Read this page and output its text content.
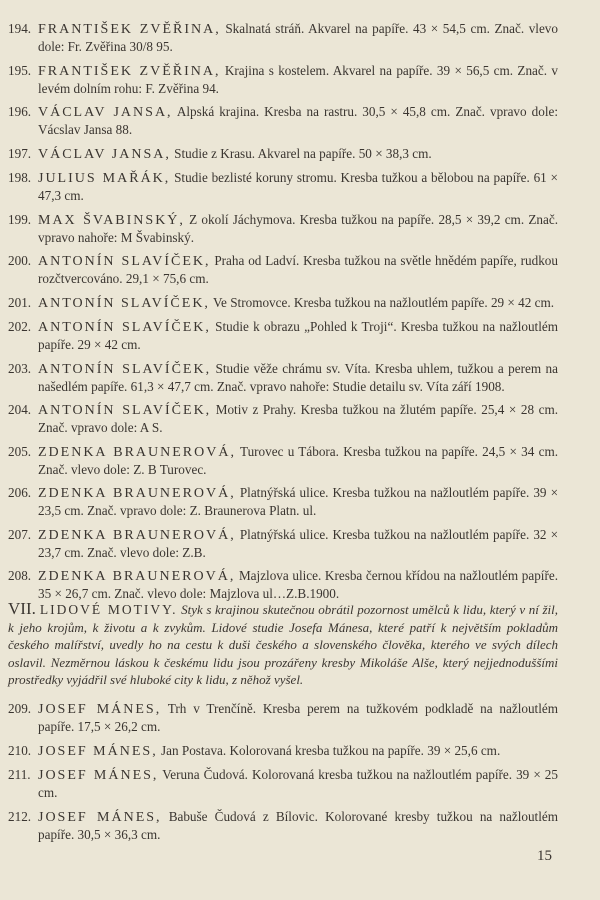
194. FRANTIŠEK ZVĚŘINA, Skalnatá stráň. Akvarel na papíře. 43 × 54,5 cm. Znač. vlevo dole: Fr. Zvěřina 30/8 95.
195. FRANTIŠEK ZVĚŘINA, Krajina s kostelem. Akvarel na papíře. 39 × 56,5 cm. Znač. v levém dolním rohu: F. Zvěřina 94.
196. VÁCLAV JANSA, Alpská krajina. Kresba na rastru. 30,5 × 45,8 cm. Znač. vpravo dole: Vácslav Jansa 88.
197. VÁCLAV JANSA, Studie z Krasu. Akvarel na papíře. 50 × 38,3 cm.
198. JULIUS MAŘÁK, Studie bezlisté koruny stromu. Kresba tužkou a bělobou na papíře. 61 × 47,3 cm.
199. MAX ŠVABINSKÝ, Z okolí Jáchymova. Kresba tužkou na papíře. 28,5 × 39,2 cm. Znač. vpravo nahoře: M Švabinský.
200. ANTONÍN SLAVÍČEK, Praha od Ladví. Kresba tužkou na světle hnědém papíře, rudkou rozčtvercováno. 29,1 × 75,6 cm.
201. ANTONÍN SLAVÍČEK, Ve Stromovce. Kresba tužkou na nažloutlém papíře. 29 × 42 cm.
202. ANTONÍN SLAVÍČEK, Studie k obrazu „Pohled k Troji“. Kresba tužkou na nažloutlém papíře. 29 × 42 cm.
203. ANTONÍN SLAVÍČEK, Studie věže chrámu sv. Víta. Kresba uhlem, tužkou a perem na našedlém papíře. 61,3 × 47,7 cm. Znač. vpravo nahoře: Studie detailu sv. Víta září 1908.
204. ANTONÍN SLAVÍČEK, Motiv z Prahy. Kresba tužkou na žlutém papíře. 25,4 × 28 cm. Znač. vpravo dole: A S.
205. ZDENKA BRAUNEROVÁ, Turovec u Tábora. Kresba tužkou na papíře. 24,5 × 34 cm. Znač. vlevo dole: Z. B Turovec.
206. ZDENKA BRAUNEROVÁ, Platnýřská ulice. Kresba tužkou na nažloutlém papíře. 39 × 23,5 cm. Znač. vpravo dole: Z. Braunerova Platn. ul.
207. ZDENKA BRAUNEROVÁ, Platnýřská ulice. Kresba tužkou na nažloutlém papíře. 32 × 23,7 cm. Znač. vlevo dole: Z.B.
208. ZDENKA BRAUNEROVÁ, Majzlova ulice. Kresba černou křídou na nažloutlém papíře. 35 × 26,7 cm. Znač. vlevo dole: Majzlova ul…Z.B.1900.
VII. LIDOVÉ MOTIVY. Styk s krajinou skutečnou obrátil pozornost umělců k lidu, který v ní žil, k jeho krojům, k životu a k zvykům. Lidové studie Josefa Mánesa, které patří k největším pokladům českého malířství, uvedly ho na cestu k duši českého a slovenského člověka, kterého ve svých dílech oslavil. Nezměrnou láskou k českému lidu jsou prozářeny kresby Mikoláše Alše, který nejjednoduššími prostředky vyjádřil své hluboké city k lidu, z něhož vyšel.
209. JOSEF MÁNES, Trh v Trenčíně. Kresba perem na tužkovém podkladě na nažloutlém papíře. 17,5 × 26,2 cm.
210. JOSEF MÁNES, Jan Postava. Kolorovaná kresba tužkou na papíře. 39 × 25,6 cm.
211. JOSEF MÁNES, Veruna Čudová. Kolorovaná kresba tužkou na nažloutlém papíře. 39 × 25 cm.
212. JOSEF MÁNES, Babuše Čudová z Bílovic. Kolorované kresby tužkou na nažloutlém papíře. 30,5 × 36,3 cm.
15
